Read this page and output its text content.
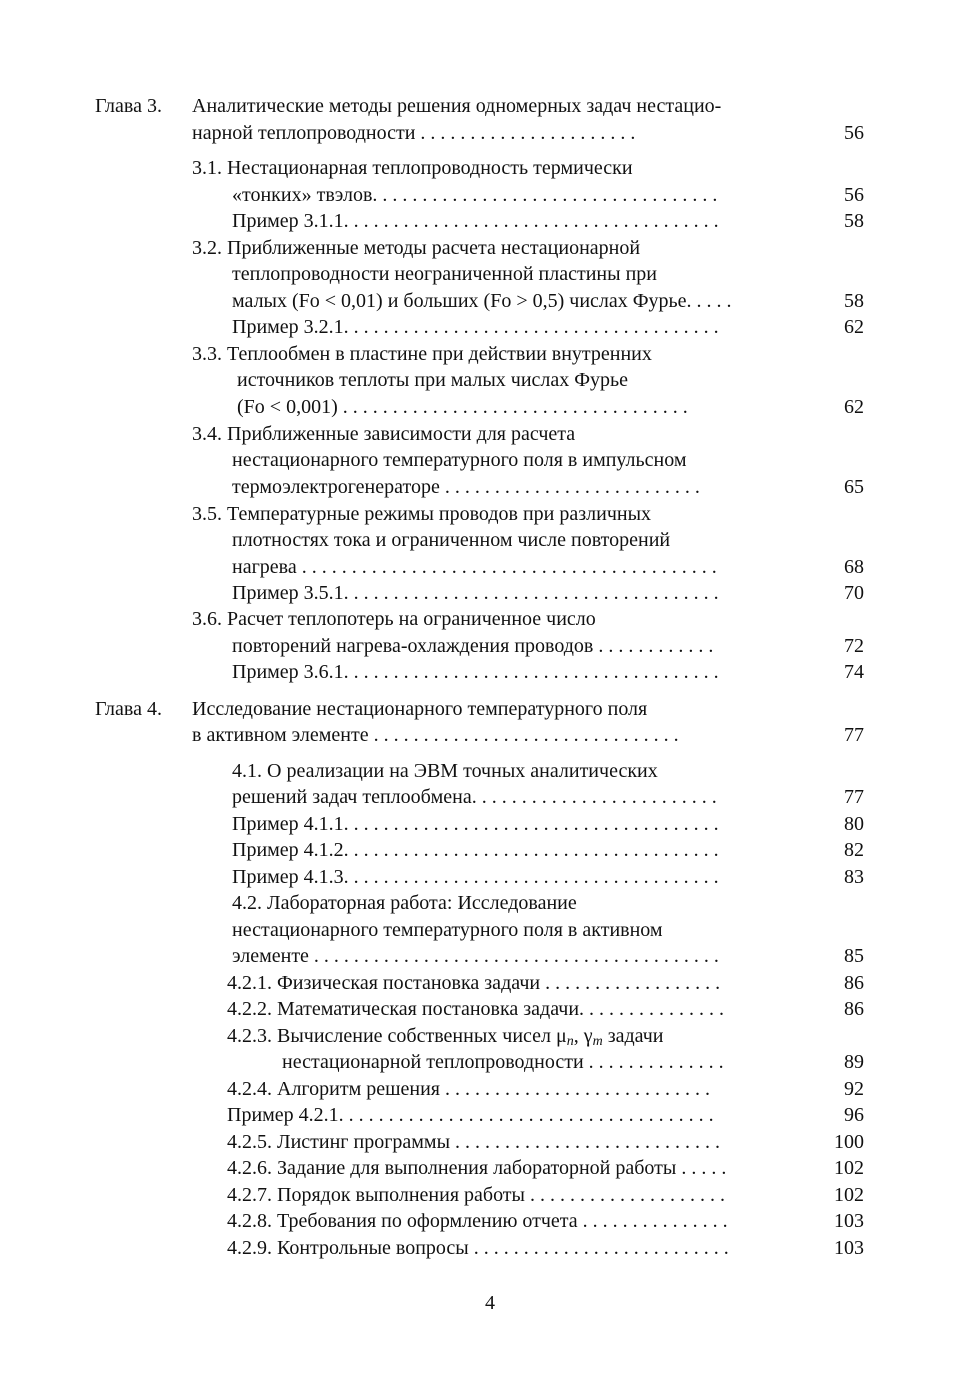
Глава 3. Аналитические методы решения одномерных задач нестацио-
нарной теплопроводности . . . . . . . . . . . . . . . . . . . . . .	56
3.1. Нестационарная теплопроводность термически
«тонких» твэлов. . . . . . . . . . . . . . . . . . . . . . . . . . . . . . . . . . .	56
Пример 3.1.1. . . . . . . . . . . . . . . . . . . . . . . . . . . . . . . . . . . . . .	58
3.2. Приближенные методы расчета нестационарной
теплопроводности неограниченной пластины при
малых (Fo < 0,01) и больших (Fo > 0,5) числах Фурье. . . . .	58
Пример 3.2.1. . . . . . . . . . . . . . . . . . . . . . . . . . . . . . . . . . . . . .	62
3.3. Теплообмен в пластине при действии внутренних
источников теплоты при малых числах Фурье
(Fo < 0,001) . . . . . . . . . . . . . . . . . . . . . . . . . . . . . . . . . . .	62
3.4. Приближенные зависимости для расчета
нестационарного температурного поля в импульсном
термоэлектрогенераторе . . . . . . . . . . . . . . . . . . . . . . . . . .	65
3.5. Температурные режимы проводов при различных
плотностях тока и ограниченном числе повторений
нагрева . . . . . . . . . . . . . . . . . . . . . . . . . . . . . . . . . . . . . . . . . .	68
Пример 3.5.1. . . . . . . . . . . . . . . . . . . . . . . . . . . . . . . . . . . . . .	70
3.6. Расчет теплопотерь на ограниченное число
повторений нагрева-охлаждения проводов . . . . . . . . . . . .	72
Пример 3.6.1. . . . . . . . . . . . . . . . . . . . . . . . . . . . . . . . . . . . . .	74
Глава 4. Исследование нестационарного температурного поля
в активном элементе . . . . . . . . . . . . . . . . . . . . . . . . . . . . . . .	77
4.1. О реализации на ЭВМ точных аналитических
решений задач теплообмена. . . . . . . . . . . . . . . . . . . . . . . . .	77
Пример 4.1.1. . . . . . . . . . . . . . . . . . . . . . . . . . . . . . . . . . . . . .	80
Пример 4.1.2. . . . . . . . . . . . . . . . . . . . . . . . . . . . . . . . . . . . . .	82
Пример 4.1.3. . . . . . . . . . . . . . . . . . . . . . . . . . . . . . . . . . . . . .	83
4.2. Лабораторная работа: Исследование
нестационарного температурного поля в активном
элементе . . . . . . . . . . . . . . . . . . . . . . . . . . . . . . . . . . . . . . . . .	85
4.2.1. Физическая постановка задачи . . . . . . . . . . . . . . . . . .	86
4.2.2. Математическая постановка задачи. . . . . . . . . . . . . . .	86
4.2.3. Вычисление собственных чисел μn, γm задачи
нестационарной теплопроводности . . . . . . . . . . . . . .	89
4.2.4. Алгоритм решения . . . . . . . . . . . . . . . . . . . . . . . . . . .	92
Пример 4.2.1. . . . . . . . . . . . . . . . . . . . . . . . . . . . . . . . . . . . . .	96
4.2.5. Листинг программы . . . . . . . . . . . . . . . . . . . . . . . . . . .	100
4.2.6. Задание для выполнения лабораторной работы . . . . .	102
4.2.7. Порядок выполнения работы . . . . . . . . . . . . . . . . . . . .	102
4.2.8. Требования по оформлению отчета . . . . . . . . . . . . . . .	103
4.2.9. Контрольные вопросы . . . . . . . . . . . . . . . . . . . . . . . . . .	103
4
